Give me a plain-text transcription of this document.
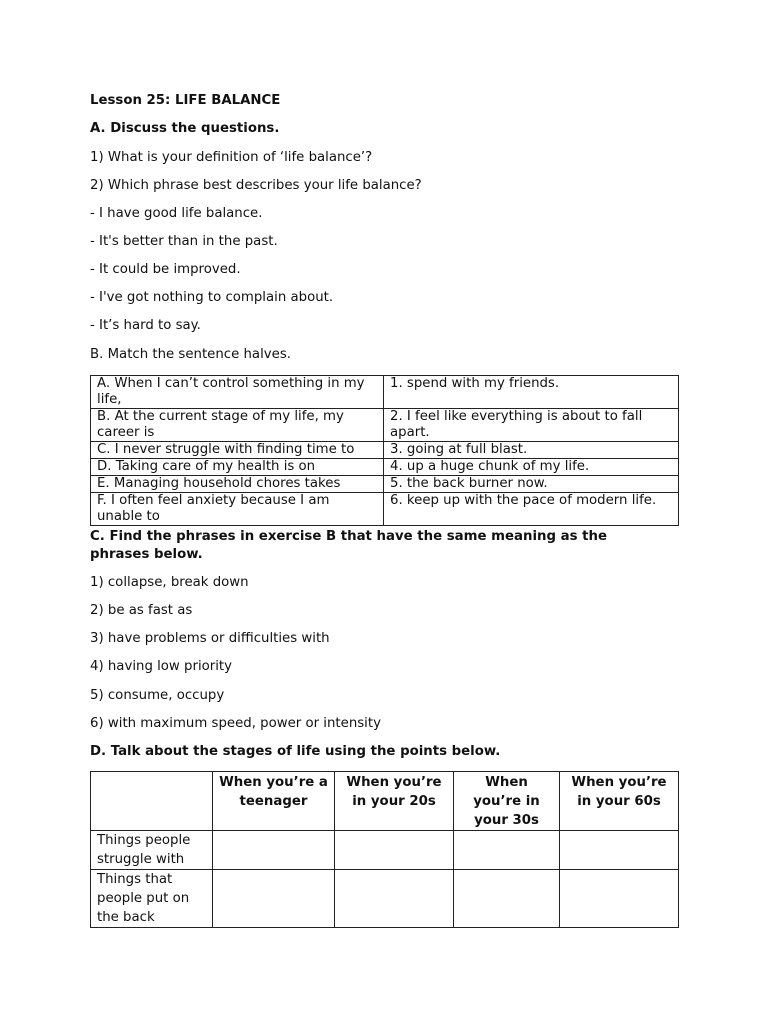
Lesson 25: LIFE BALANCE
A. Discuss the questions.
1) What is your definition of ‘life balance’?
2) Which phrase best describes your life balance?
- I have good life balance.
- It's better than in the past.
- It could be improved.
- I've got nothing to complain about.
- It’s hard to say.
B. Match the sentence halves.
A. When I can’t control something in my life,	1. spend with my friends.
B. At the current stage of my life, my career is	2. I feel like everything is about to fall apart.
C. I never struggle with finding time to	3. going at full blast.
D. Taking care of my health is on	4. up a huge chunk of my life.
E. Managing household chores takes	5. the back burner now.
F. I often feel anxiety because I am unable to	6. keep up with the pace of modern life.
C. Find the phrases in exercise B that have the same meaning as the phrases below.
1) collapse, break down
2) be as fast as
3) have problems or difficulties with
4) having low priority
5) consume, occupy
6) with maximum speed, power or intensity
D. Talk about the stages of life using the points below.
	When you’re a teenager	When you’re in your 20s	When you’re in your 30s	When you’re in your 60s
Things people struggle with				
Things that people put on the back				
